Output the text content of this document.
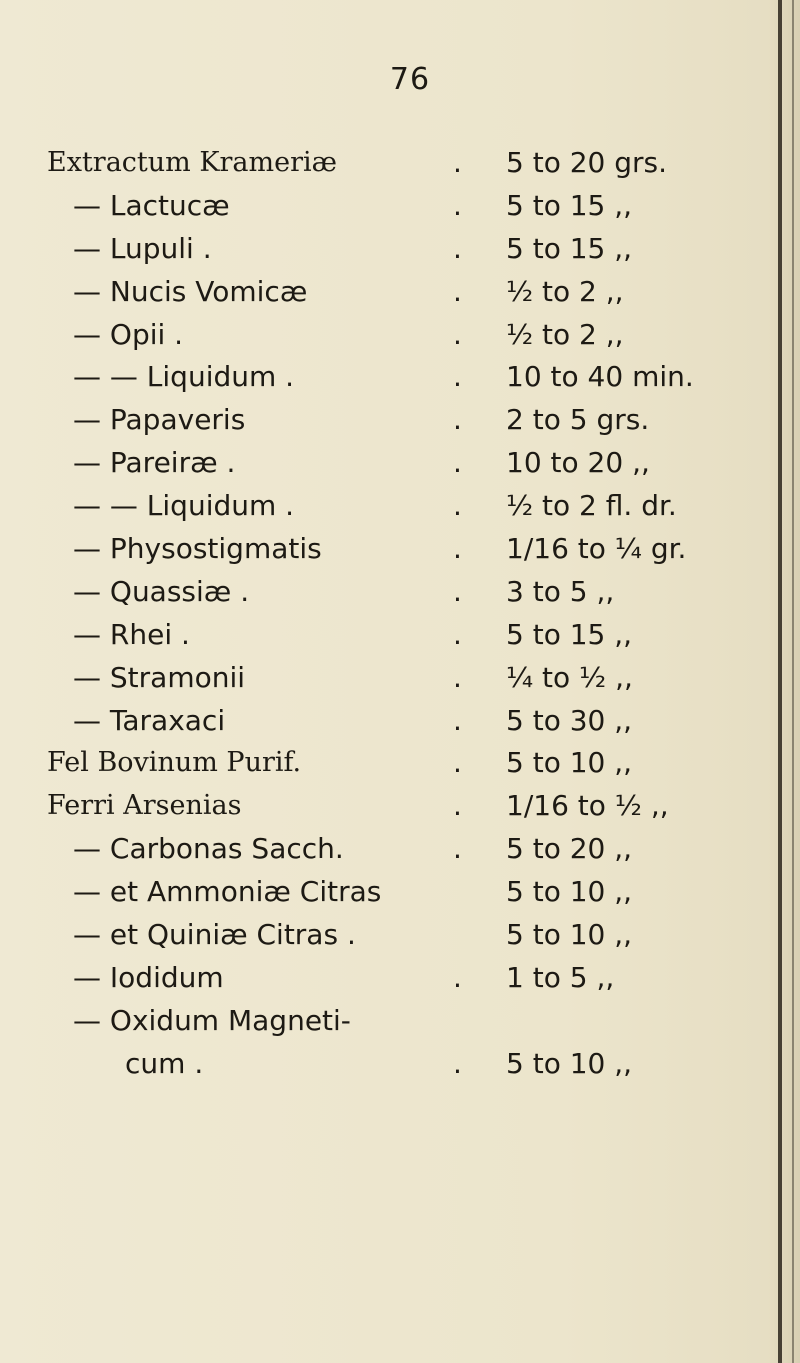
76
Extractum Krameriæ	. 5 to 20 grs.
— Lactucæ	. 5 to 15 ,,
— Lupuli .	. 5 to 15 ,,
— Nucis Vomicæ	. ½ to 2 ,,
— Opii .	. ½ to 2 ,,
— — Liquidum .	. 10 to 40 min.
— Papaveris	. 2 to 5 grs.
— Pareiræ .	. 10 to 20 ,,
— — Liquidum .	. ½ to 2 fl. dr.
— Physostigmatis	. 1/16 to ¼ gr.
— Quassiæ .	. 3 to 5 ,,
— Rhei .	. 5 to 15 ,,
— Stramonii	. ¼ to ½ ,,
— Taraxaci	. 5 to 30 ,,
Fel Bovinum Purif.	. 5 to 10 ,,
Ferri Arsenias	. 1/16 to ½ ,,
— Carbonas Sacch.	. 5 to 20 ,,
— et Ammoniæ Citras	5 to 10 ,,
— et Quiniæ Citras .	5 to 10 ,,
— Iodidum	. 1 to 5 ,,
— Oxidum Magneti-
cum .	. 5 to 10 ,,
